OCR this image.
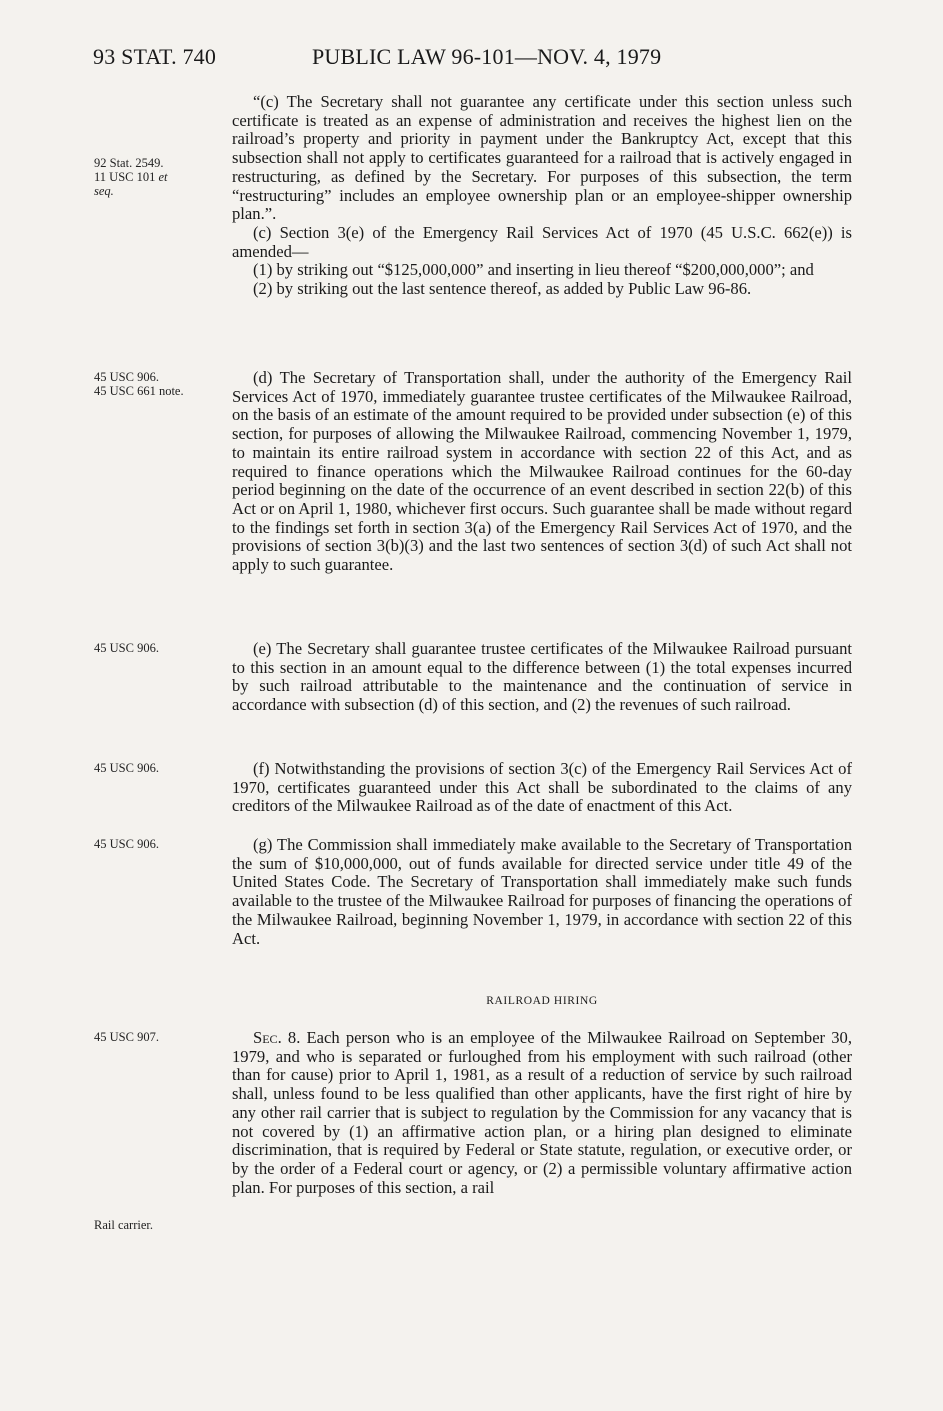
93 STAT. 740	PUBLIC LAW 96-101—NOV. 4, 1979
92 Stat. 2549.
11 USC 101 et
seq.
45 USC 906.
45 USC 661 note.
45 USC 906.
45 USC 906.
45 USC 906.
45 USC 907.
Rail carrier.

“(c) The Secretary shall not guarantee any certificate under this section unless such certificate is treated as an expense of administration and receives the highest lien on the railroad’s property and priority in payment under the Bankruptcy Act, except that this subsection shall not apply to certificates guaranteed for a railroad that is actively engaged in restructuring, as defined by the Secretary. For purposes of this subsection, the term “restructuring” includes an employee ownership plan or an employee-shipper ownership plan.”.

(c) Section 3(e) of the Emergency Rail Services Act of 1970 (45 U.S.C. 662(e)) is amended—

(1) by striking out “$125,000,000” and inserting in lieu thereof “$200,000,000”; and

(2) by striking out the last sentence thereof, as added by Public Law 96-86.

(d) The Secretary of Transportation shall, under the authority of the Emergency Rail Services Act of 1970, immediately guarantee trustee certificates of the Milwaukee Railroad, on the basis of an estimate of the amount required to be provided under subsection (e) of this section, for purposes of allowing the Milwaukee Railroad, commencing November 1, 1979, to maintain its entire railroad system in accordance with section 22 of this Act, and as required to finance operations which the Milwaukee Railroad continues for the 60-day period beginning on the date of the occurrence of an event described in section 22(b) of this Act or on April 1, 1980, whichever first occurs. Such guarantee shall be made without regard to the findings set forth in section 3(a) of the Emergency Rail Services Act of 1970, and the provisions of section 3(b)(3) and the last two sentences of section 3(d) of such Act shall not apply to such guarantee.

(e) The Secretary shall guarantee trustee certificates of the Milwaukee Railroad pursuant to this section in an amount equal to the difference between (1) the total expenses incurred by such railroad attributable to the maintenance and the continuation of service in accordance with subsection (d) of this section, and (2) the revenues of such railroad.

(f) Notwithstanding the provisions of section 3(c) of the Emergency Rail Services Act of 1970, certificates guaranteed under this Act shall be subordinated to the claims of any creditors of the Milwaukee Railroad as of the date of enactment of this Act.

(g) The Commission shall immediately make available to the Secretary of Transportation the sum of $10,000,000, out of funds available for directed service under title 49 of the United States Code. The Secretary of Transportation shall immediately make such funds available to the trustee of the Milwaukee Railroad for purposes of financing the operations of the Milwaukee Railroad, beginning November 1, 1979, in accordance with section 22 of this Act.

RAILROAD HIRING

Sec. 8. Each person who is an employee of the Milwaukee Railroad on September 30, 1979, and who is separated or furloughed from his employment with such railroad (other than for cause) prior to April 1, 1981, as a result of a reduction of service by such railroad shall, unless found to be less qualified than other applicants, have the first right of hire by any other rail carrier that is subject to regulation by the Commission for any vacancy that is not covered by (1) an affirmative action plan, or a hiring plan designed to eliminate discrimination, that is required by Federal or State statute, regulation, or executive order, or by the order of a Federal court or agency, or (2) a permissible voluntary affirmative action plan. For purposes of this section, a rail
